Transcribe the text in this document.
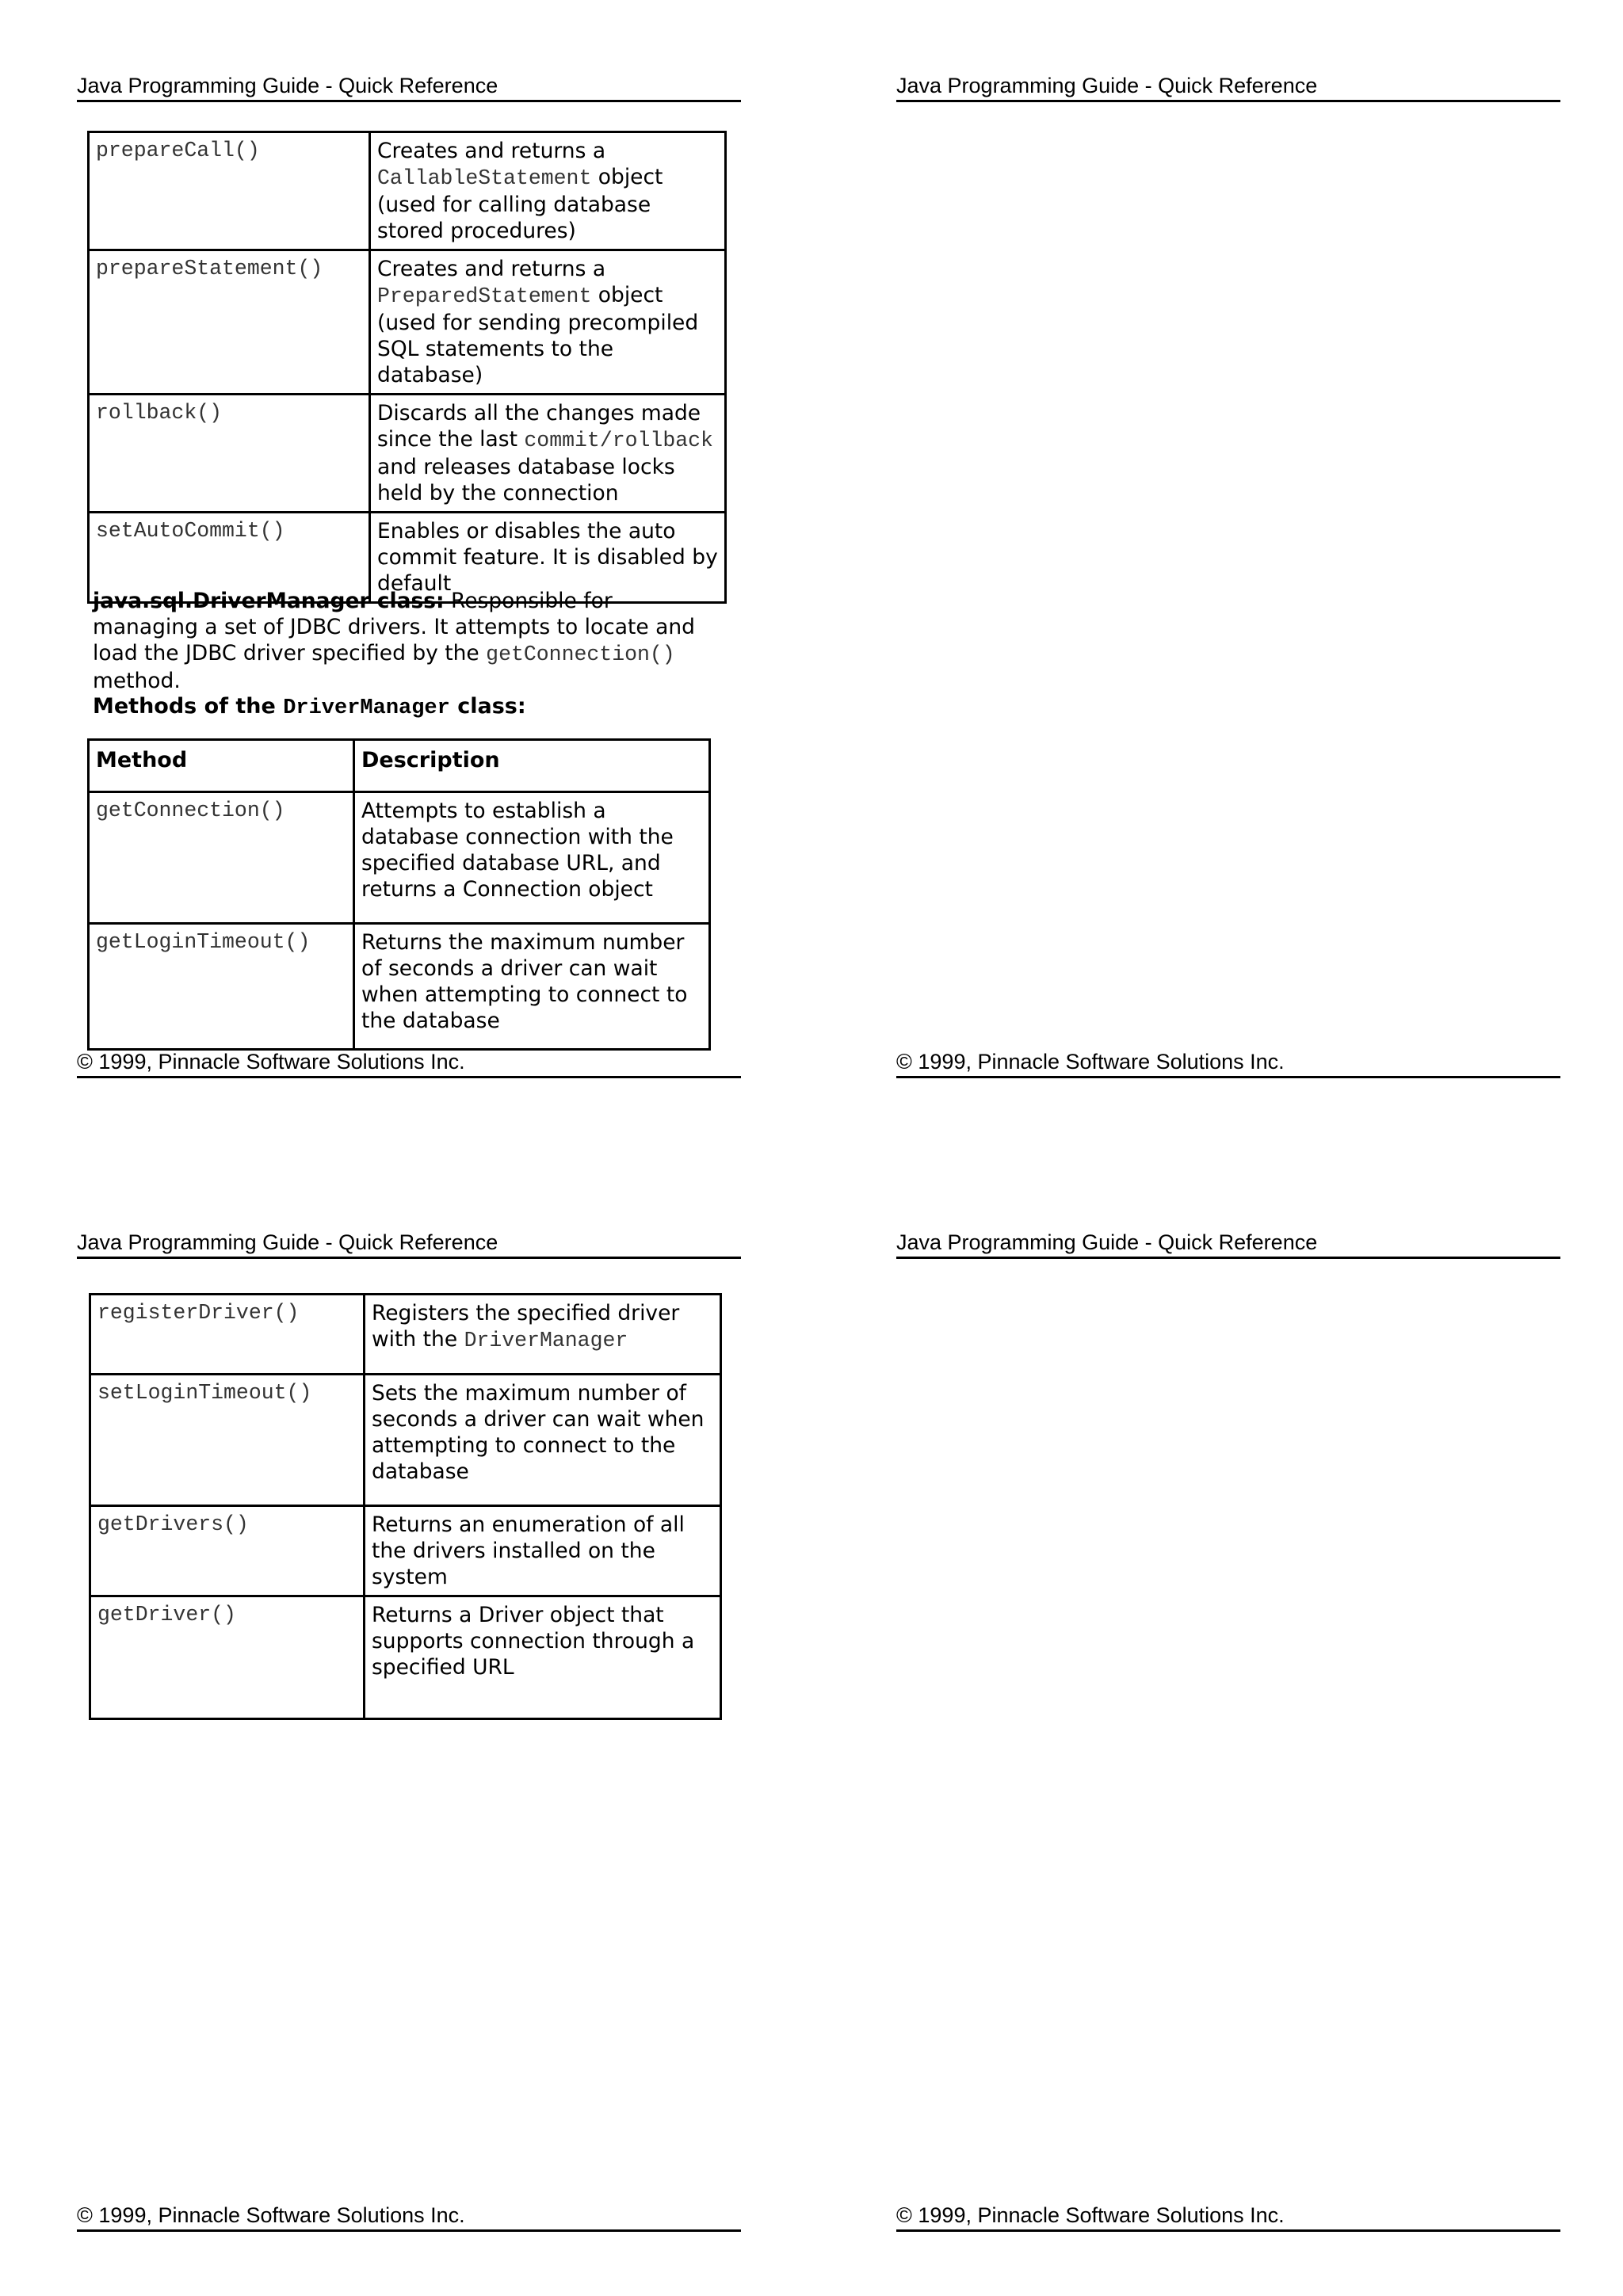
Java Programming Guide - Quick Reference
prepareCall()	Creates and returns a CallableStatement object (used for calling database stored procedures)
prepareStatement()	Creates and returns a PreparedStatement object (used for sending precompiled SQL statements to the database)
rollback()	Discards all the changes made since the last commit/rollback and releases database locks held by the connection
setAutoCommit()	Enables or disables the auto commit feature. It is disabled by default
java.sql.DriverManager class: Responsible for managing a set of JDBC drivers. It attempts to locate and load the JDBC driver specified by the getConnection() method.
Methods of the DriverManager class:
Method	Description
getConnection()	Attempts to establish a database connection with the specified database URL, and returns a Connection object
getLoginTimeout()	Returns the maximum number of seconds a driver can wait when attempting to connect to the database
© 1999, Pinnacle Software Solutions Inc.
Java Programming Guide - Quick Reference
© 1999, Pinnacle Software Solutions Inc.
Java Programming Guide - Quick Reference
registerDriver()	Registers the specified driver with the DriverManager
setLoginTimeout()	Sets the maximum number of seconds a driver can wait when attempting to connect to the database
getDrivers()	Returns an enumeration of all the drivers installed on the system
getDriver()	Returns a Driver object that supports connection through a specified URL
© 1999, Pinnacle Software Solutions Inc.
Java Programming Guide - Quick Reference
© 1999, Pinnacle Software Solutions Inc.
